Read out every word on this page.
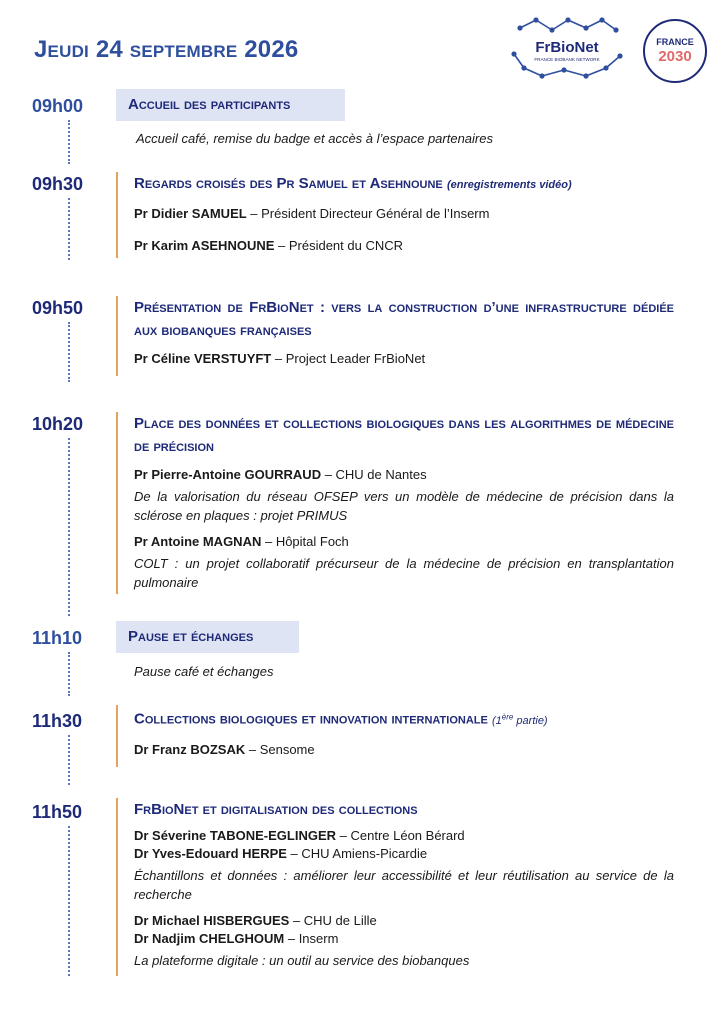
Jeudi 24 septembre 2026	FrBioNet
FRANCE BIOBANK NETWORK
FRANCE
2030
09h00	Accueil des participants
Accueil café, remise du badge et accès à l’espace partenaires
09h30	Regards croisés des Pr Samuel et Asehnoune (enregistrements vidéo)

Pr Didier SAMUEL – Président Directeur Général de l’Inserm
Pr Karim ASEHNOUNE – Président du CNCR
09h50	Présentation de FrBioNet : vers la construction d’une infrastructure dédiée aux biobanques françaises

Pr Céline VERSTUYFT – Project Leader FrBioNet
10h20	Place des données et collections biologiques dans les algorithmes de médecine de précision

Pr Pierre-Antoine GOURRAUD – CHU de Nantes
De la valorisation du réseau OFSEP vers un modèle de médecine de précision dans la sclérose en plaques : projet PRIMUS
Pr Antoine MAGNAN – Hôpital Foch
COLT : un projet collaboratif précurseur de la médecine de précision en transplantation pulmonaire
11h10	Pause et échanges
Pause café et échanges
11h30	Collections biologiques et innovation internationale (1ère partie)

Dr Franz BOZSAK – Sensome
11h50	FrBioNet et digitalisation des collections

Dr Séverine TABONE-EGLINGER – Centre Léon Bérard
Dr Yves-Edouard HERPE – CHU Amiens-Picardie
Échantillons et données : améliorer leur accessibilité et leur réutilisation au service de la recherche
Dr Michael HISBERGUES – CHU de Lille
Dr Nadjim CHELGHOUM – Inserm
La plateforme digitale : un outil au service des biobanques
